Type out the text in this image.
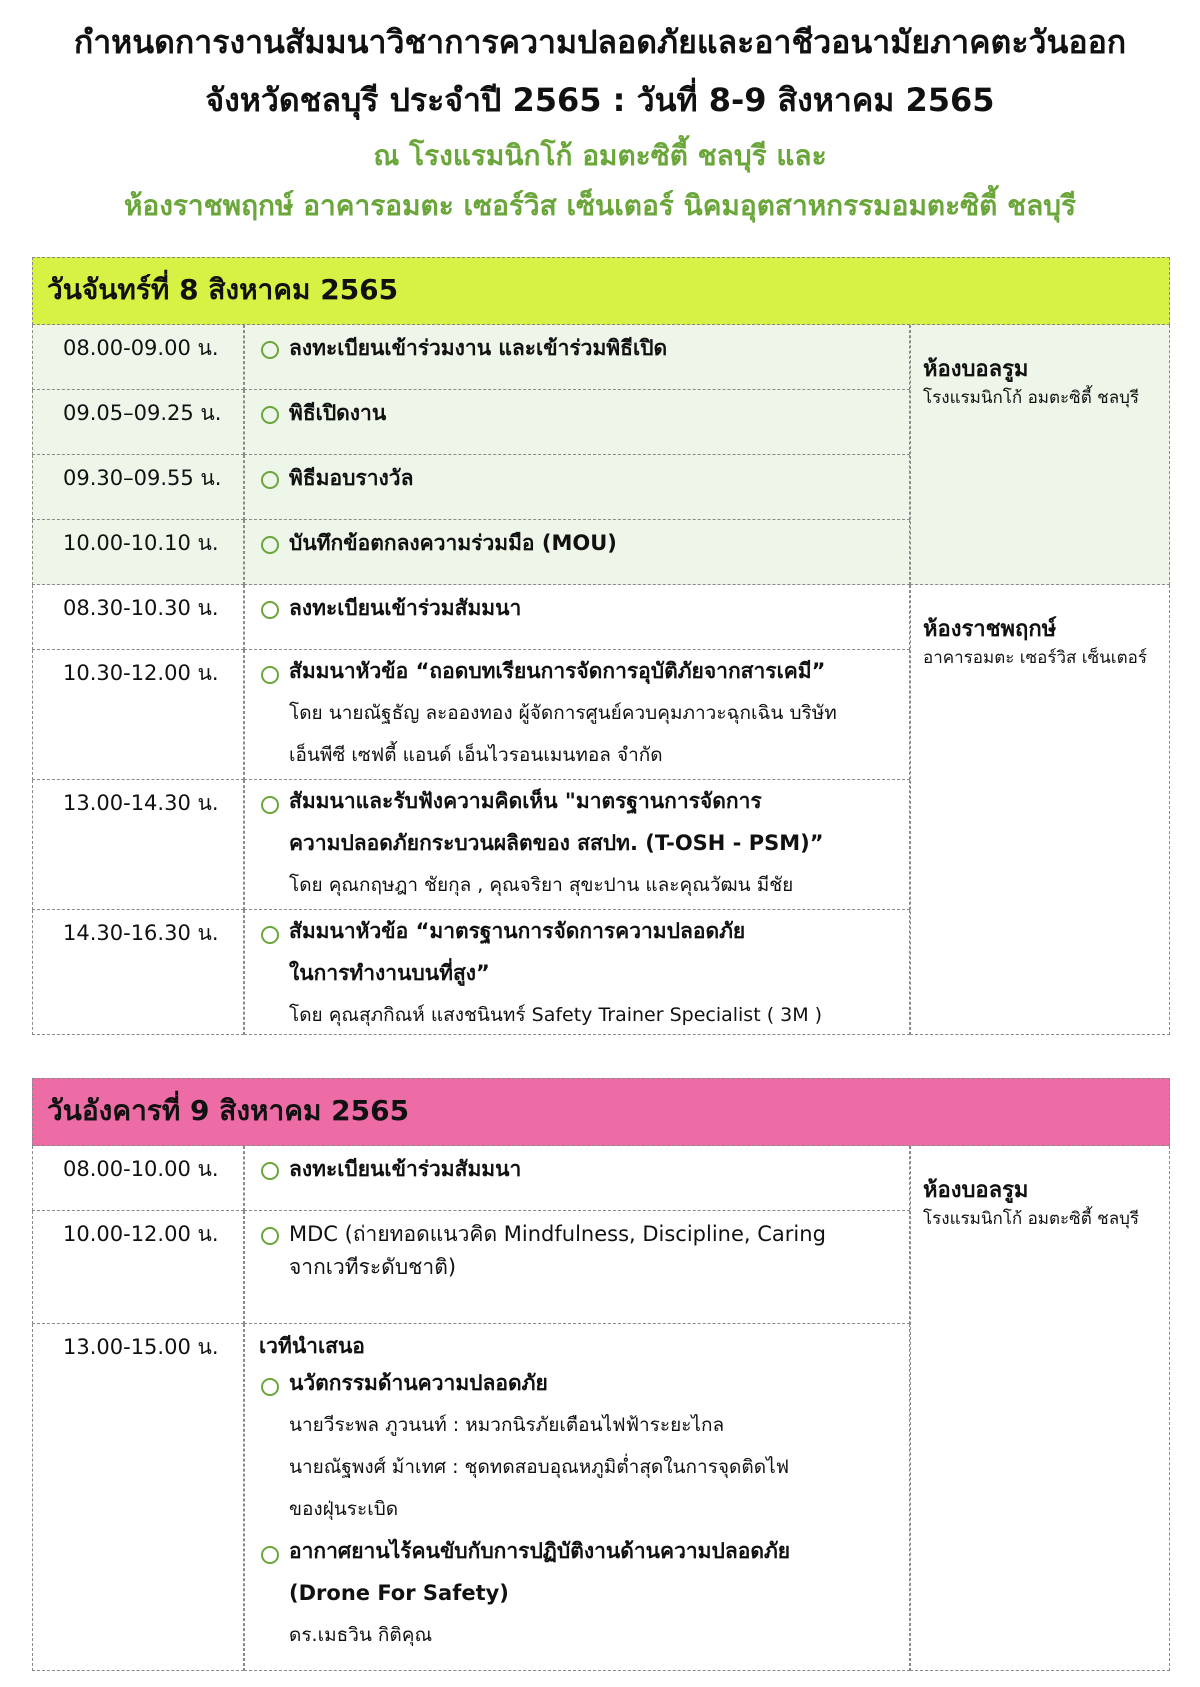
กำหนดการงานสัมมนาวิชาการความปลอดภัยและอาชีวอนามัยภาคตะวันออก
จังหวัดชลบุรี ประจำปี 2565 : วันที่ 8-9 สิงหาคม 2565
ณ โรงแรมนิกโก้ อมตะซิตี้ ชลบุรี และ
ห้องราชพฤกษ์ อาคารอมตะ เซอร์วิส เซ็นเตอร์ นิคมอุตสาหกรรมอมตะซิตี้ ชลบุรี
วันจันทร์ที่ 8 สิงหาคม 2565
08.00-09.00 น.	ลงทะเบียนเข้าร่วมงาน และเข้าร่วมพิธีเปิด
09.05–09.25 น.	พิธีเปิดงาน
09.30–09.55 น.	พิธีมอบรางวัล
10.00-10.10 น.	บันทึกข้อตกลงความร่วมมือ (MOU)
ห้องบอลรูม
โรงแรมนิกโก้ อมตะซิตี้ ชลบุรี
08.30-10.30 น.	ลงทะเบียนเข้าร่วมสัมมนา
10.30-12.00 น.	สัมมนาหัวข้อ “ถอดบทเรียนการจัดการอุบัติภัยจากสารเคมี”
โดย นายณัฐธัญ ละอองทอง ผู้จัดการศูนย์ควบคุมภาวะฉุกเฉิน บริษัท
เอ็นพีซี เซฟตี้ แอนด์ เอ็นไวรอนเมนทอล จำกัด
13.00-14.30 น.	สัมมนาและรับฟังความคิดเห็น "มาตรฐานการจัดการ
ความปลอดภัยกระบวนผลิตของ สสปท. (T-OSH - PSM)”
โดย คุณกฤษฎา ชัยกุล , คุณจริยา สุขะปาน และคุณวัฒน มีชัย
14.30-16.30 น.	สัมมนาหัวข้อ “มาตรฐานการจัดการความปลอดภัย
ในการทำงานบนที่สูง”
โดย คุณสุภกิณห์ แสงชนินทร์ Safety Trainer Specialist ( 3M )
ห้องราชพฤกษ์
อาคารอมตะ เซอร์วิส เซ็นเตอร์
วันอังคารที่ 9 สิงหาคม 2565
08.00-10.00 น.	ลงทะเบียนเข้าร่วมสัมมนา
10.00-12.00 น.	MDC (ถ่ายทอดแนวคิด Mindfulness, Discipline, Caring
จากเวทีระดับชาติ)
13.00-15.00 น.	เวทีนำเสนอ
นวัตกรรมด้านความปลอดภัย
นายวีระพล ภูวนนท์ : หมวกนิรภัยเตือนไฟฟ้าระยะไกล
นายณัฐพงศ์ ม้าเทศ : ชุดทดสอบอุณหภูมิต่ำสุดในการจุดติดไฟ
ของฝุ่นระเบิด
อากาศยานไร้คนขับกับการปฏิบัติงานด้านความปลอดภัย
(Drone For Safety)
ดร.เมธวิน กิติคุณ
ห้องบอลรูม
โรงแรมนิกโก้ อมตะซิตี้ ชลบุรี
